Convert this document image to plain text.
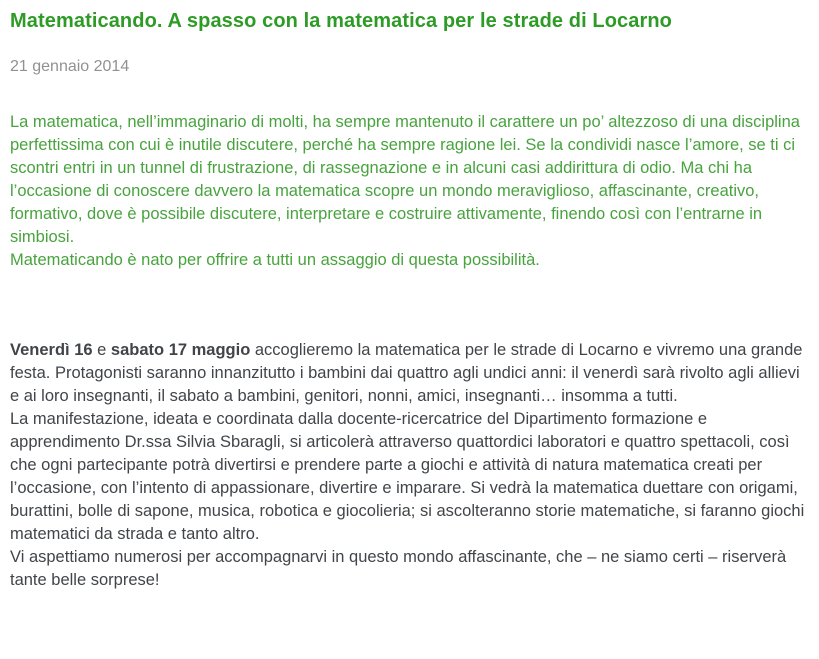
Matematicando. A spasso con la matematica per le strade di Locarno
21 gennaio 2014

La matematica, nell’immaginario di molti, ha sempre mantenuto il carattere un po’ altezzoso di una disciplina perfettissima con cui è inutile discutere, perché ha sempre ragione lei. Se la condividi nasce l’amore, se ti ci scontri entri in un tunnel di frustrazione, di rassegnazione e in alcuni casi addirittura di odio. Ma chi ha l’occasione di conoscere davvero la matematica scopre un mondo meraviglioso, affascinante, creativo, formativo, dove è possibile discutere, interpretare e costruire attivamente, finendo così con l’entrarne in simbiosi.
Matematicando è nato per offrire a tutti un assaggio di questa possibilità.

Venerdì 16 e sabato 17 maggio accoglieremo la matematica per le strade di Locarno e vivremo una grande festa. Protagonisti saranno innanzitutto i bambini dai quattro agli undici anni: il venerdì sarà rivolto agli allievi e ai loro insegnanti, il sabato a bambini, genitori, nonni, amici, insegnanti… insomma a tutti.
La manifestazione, ideata e coordinata dalla docente-ricercatrice del Dipartimento formazione e apprendimento Dr.ssa Silvia Sbaragli, si articolerà attraverso quattordici laboratori e quattro spettacoli, così che ogni partecipante potrà divertirsi e prendere parte a giochi e attività di natura matematica creati per l’occasione, con l’intento di appassionare, divertire e imparare. Si vedrà la matematica duettare con origami, burattini, bolle di sapone, musica, robotica e giocolieria; si ascolteranno storie matematiche, si faranno giochi matematici da strada e tanto altro.
Vi aspettiamo numerosi per accompagnarvi in questo mondo affascinante, che – ne siamo certi – riserverà tante belle sorprese!
